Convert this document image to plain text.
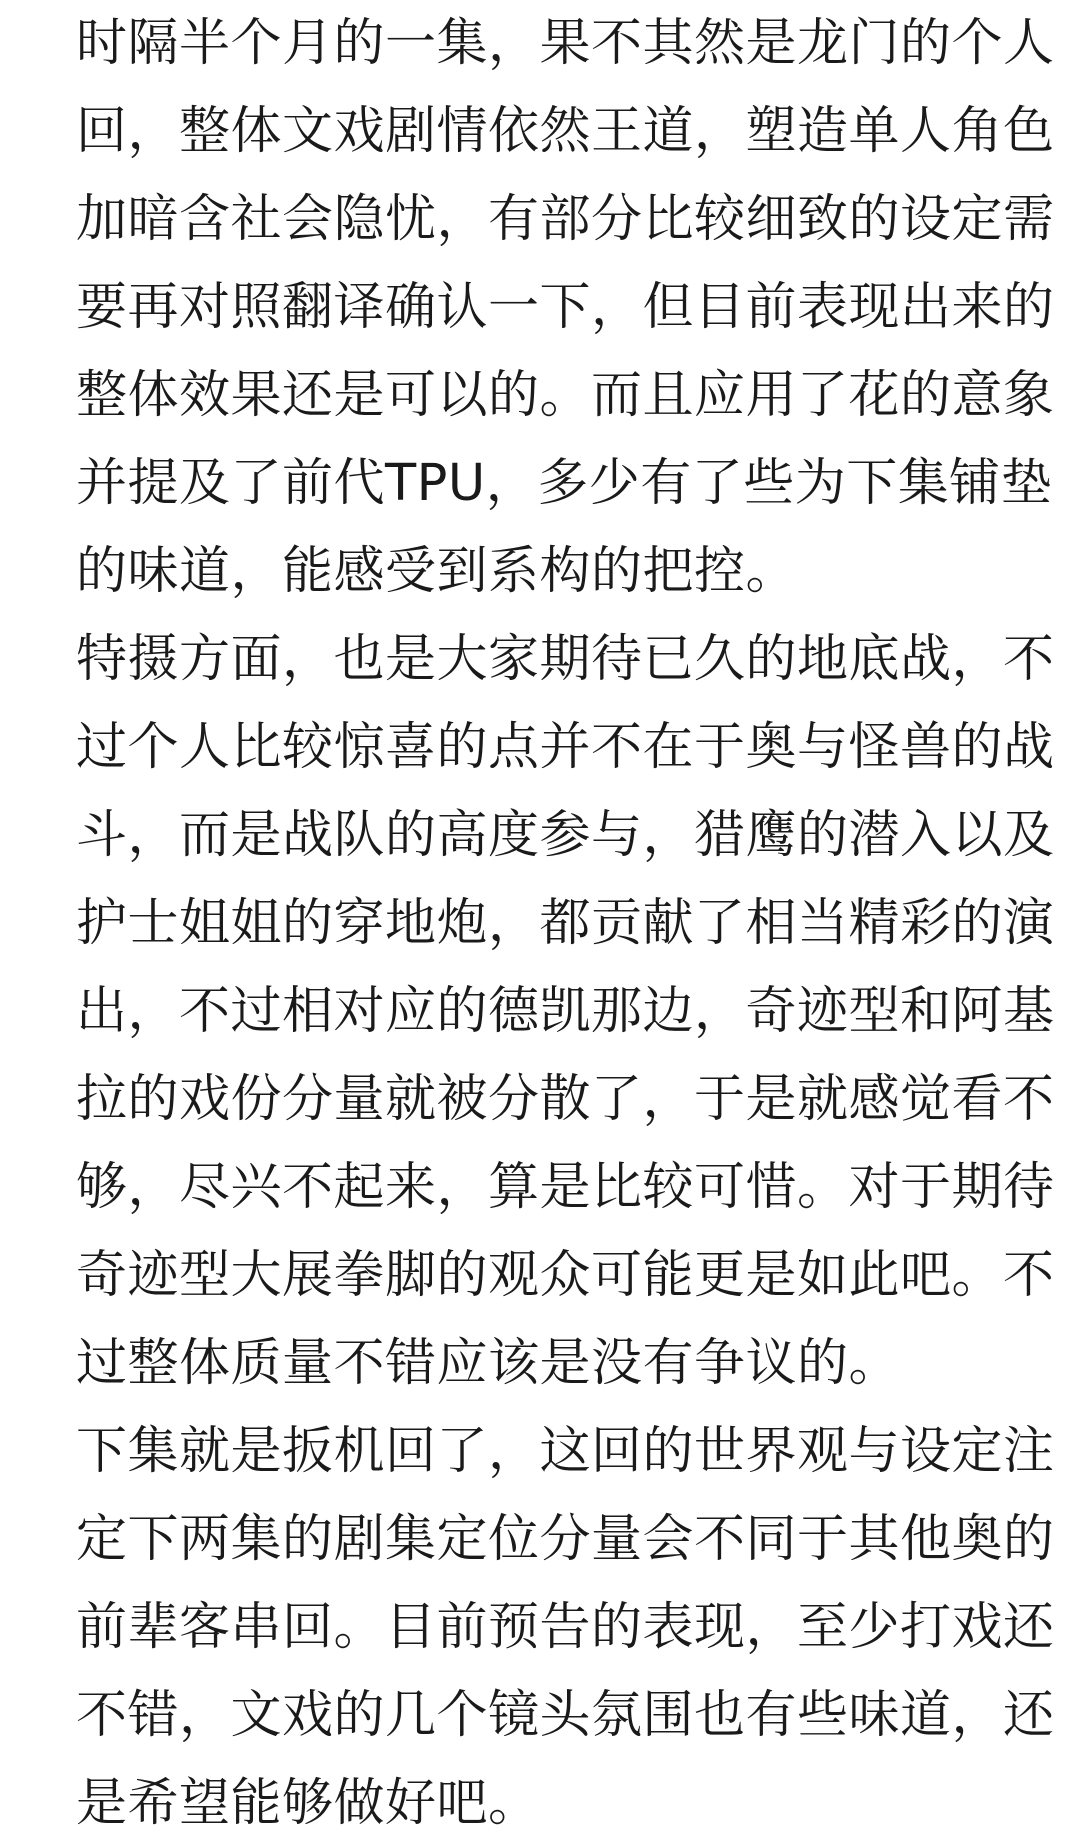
时隔半个月的一集，果不其然是龙门的个人
回，整体文戏剧情依然王道，塑造单人角色
加暗含社会隐忧，有部分比较细致的设定需
要再对照翻译确认一下，但目前表现出来的
整体效果还是可以的。而且应用了花的意象
并提及了前代TPU，多少有了些为下集铺垫
的味道，能感受到系构的把控。

特摄方面，也是大家期待已久的地底战，不
过个人比较惊喜的点并不在于奥与怪兽的战
斗，而是战队的高度参与，猎鹰的潜入以及
护士姐姐的穿地炮，都贡献了相当精彩的演
出，不过相对应的德凯那边，奇迹型和阿基
拉的戏份分量就被分散了，于是就感觉看不
够，尽兴不起来，算是比较可惜。对于期待
奇迹型大展拳脚的观众可能更是如此吧。不
过整体质量不错应该是没有争议的。

下集就是扳机回了，这回的世界观与设定注
定下两集的剧集定位分量会不同于其他奥的
前辈客串回。目前预告的表现，至少打戏还
不错，文戏的几个镜头氛围也有些味道，还
是希望能够做好吧。
